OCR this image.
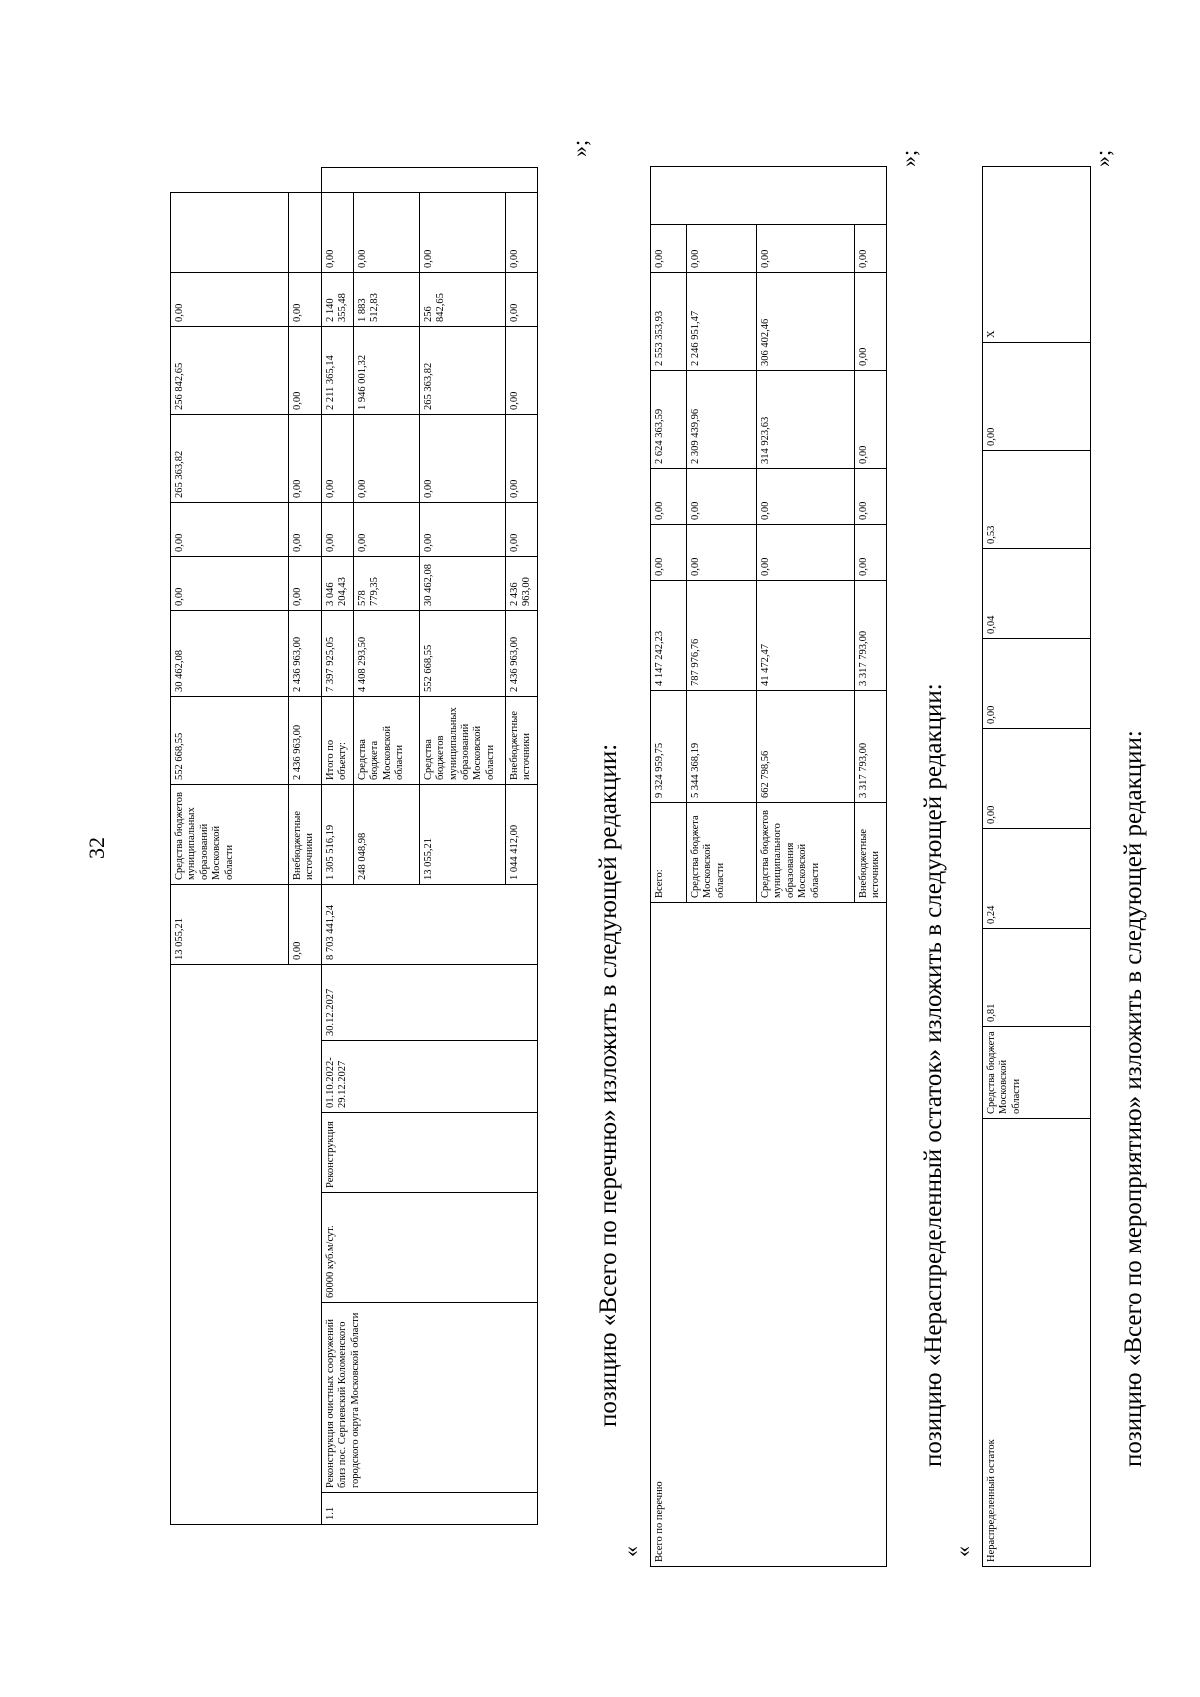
32
						13 055,21	Средства бюджетов муниципальных образований Московской области	552 668,55	30 462,08	0,00	0,00	265 363,82	256 842,65	0,00		
						0,00	Внебюджетные источники	2 436 963,00	2 436 963,00	0,00	0,00	0,00	0,00	0,00		
1.1	Реконструкция очистных сооружений близ пос. Сергиевский Коломенского городского округа Московской области	60000 куб.м/сут.	Реконструкция	01.10.2022-29.12.2027	30.12.2027	8 703 441,24	1 305 516,19	Итого по объекту:	7 397 925,05	3 046 204,43	0,00	0,00	2 211 365,14	2 140 355,48	0,00	
							248 048,98	Средства бюджета Московской области	4 408 293,50	578 779,35	0,00	0,00	1 946 001,32	1 883 512,83	0,00	
							13 055,21	Средства бюджетов муниципальных образований Московской области	552 668,55	30 462,08	0,00	0,00	265 363,82	256 842,65	0,00	
							1 044 412,00	Внебюджетные источники	2 436 963,00	2 436 963,00	0,00	0,00	0,00	0,00	0,00	
»;
позицию «Всего по перечню» изложить в следующей редакции:
« Всего по перечню	Всего:	9 324 959,75	4 147 242,23	0,00	0,00	2 624 363,59	2 553 353,93	0,00	
	Средства бюджета Московской области	5 344 368,19	787 976,76	0,00	0,00	2 309 439,96	2 246 951,47	0,00	
	Средства бюджетов муниципального образования Московской области	662 798,56	41 472,47	0,00	0,00	314 923,63	306 402,46	0,00	
	Внебюджетные источники	3 317 793,00	3 317 793,00	0,00	0,00	0,00	0,00	0,00	
»;
позицию «Нераспределенный остаток» изложить в следующей редакции:
« Нераспределенный остаток	Средства бюджета Московской области	0,81	0,24	0,00	0,00	0,04	0,53	0,00	X
»;
позицию «Всего по мероприятию» изложить в следующей редакции:
